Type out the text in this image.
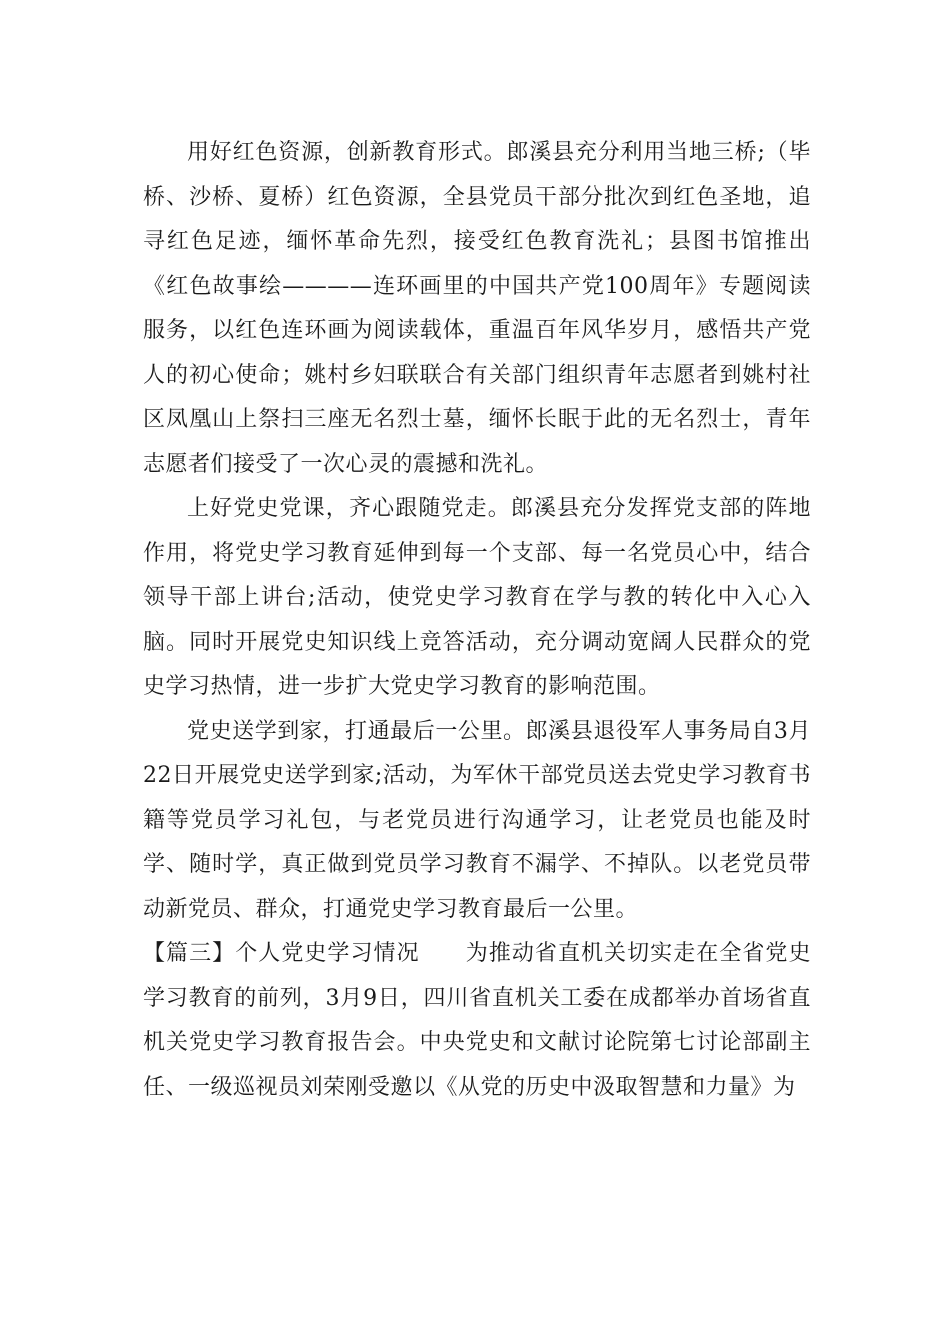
用好红色资源，创新教育形式。郎溪县充分利用当地三桥;（毕桥、沙桥、夏桥）红色资源，全县党员干部分批次到红色圣地，追寻红色足迹，缅怀革命先烈，接受红色教育洗礼；县图书馆推出《红色故事绘————连环画里的中国共产党100周年》专题阅读服务，以红色连环画为阅读载体，重温百年风华岁月，感悟共产党人的初心使命；姚村乡妇联联合有关部门组织青年志愿者到姚村社区凤凰山上祭扫三座无名烈士墓，缅怀长眠于此的无名烈士，青年志愿者们接受了一次心灵的震撼和洗礼。

上好党史党课，齐心跟随党走。郎溪县充分发挥党支部的阵地作用，将党史学习教育延伸到每一个支部、每一名党员心中，结合领导干部上讲台;活动，使党史学习教育在学与教的转化中入心入脑。同时开展党史知识线上竞答活动，充分调动宽阔人民群众的党史学习热情，进一步扩大党史学习教育的影响范围。

党史送学到家，打通最后一公里。郎溪县退役军人事务局自3月22日开展党史送学到家;活动，为军休干部党员送去党史学习教育书籍等党员学习礼包，与老党员进行沟通学习，让老党员也能及时学、随时学，真正做到党员学习教育不漏学、不掉队。以老党员带动新党员、群众，打通党史学习教育最后一公里。

【篇三】个人党史学习情况　　为推动省直机关切实走在全省党史学习教育的前列，3月9日，四川省直机关工委在成都举办首场省直机关党史学习教育报告会。中央党史和文献讨论院第七讨论部副主任、一级巡视员刘荣刚受邀以《从党的历史中汲取智慧和力量》为
